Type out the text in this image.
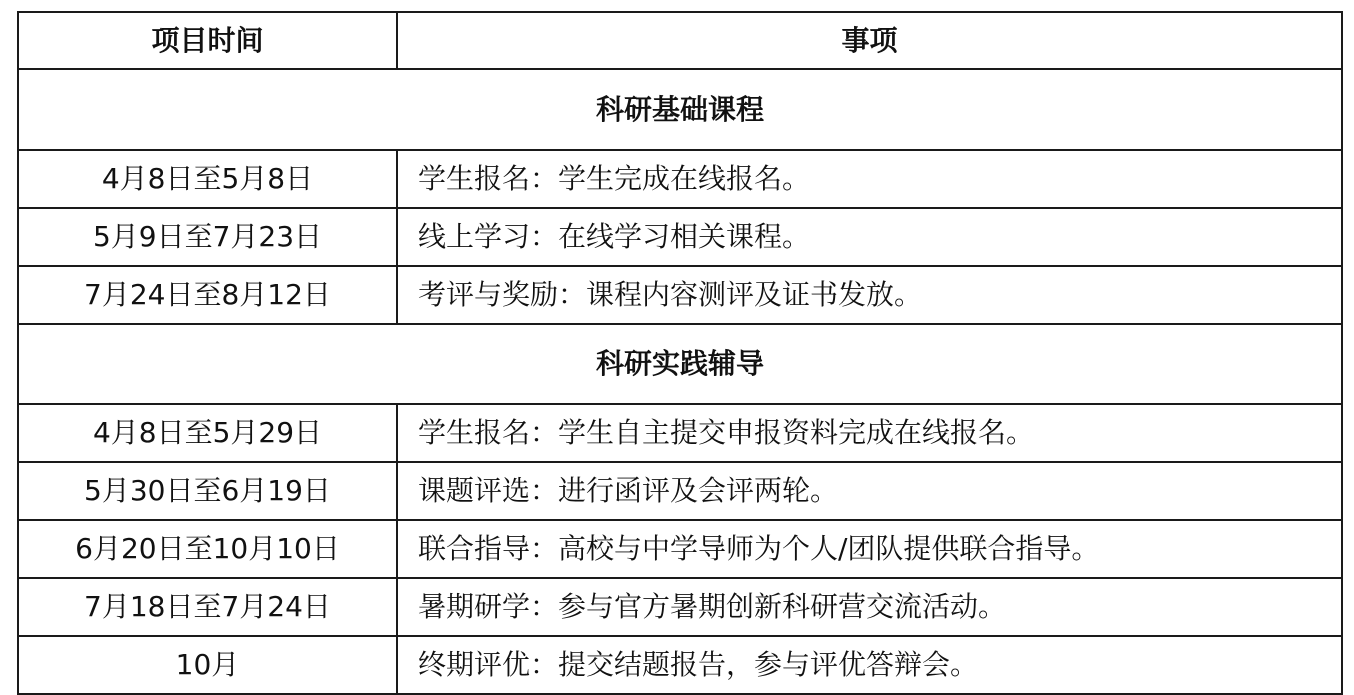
项目时间	事项
科研基础课程	
4月8日至5月8日	学生报名：学生完成在线报名。
5月9日至7月23日	线上学习：在线学习相关课程。
7月24日至8月12日	考评与奖励：课程内容测评及证书发放。
科研实践辅导	
4月8日至5月29日	学生报名：学生自主提交申报资料完成在线报名。
5月30日至6月19日	课题评选：进行函评及会评两轮。
6月20日至10月10日	联合指导：高校与中学导师为个人/团队提供联合指导。
7月18日至7月24日	暑期研学：参与官方暑期创新科研营交流活动。
10月	终期评优：提交结题报告，参与评优答辩会。
